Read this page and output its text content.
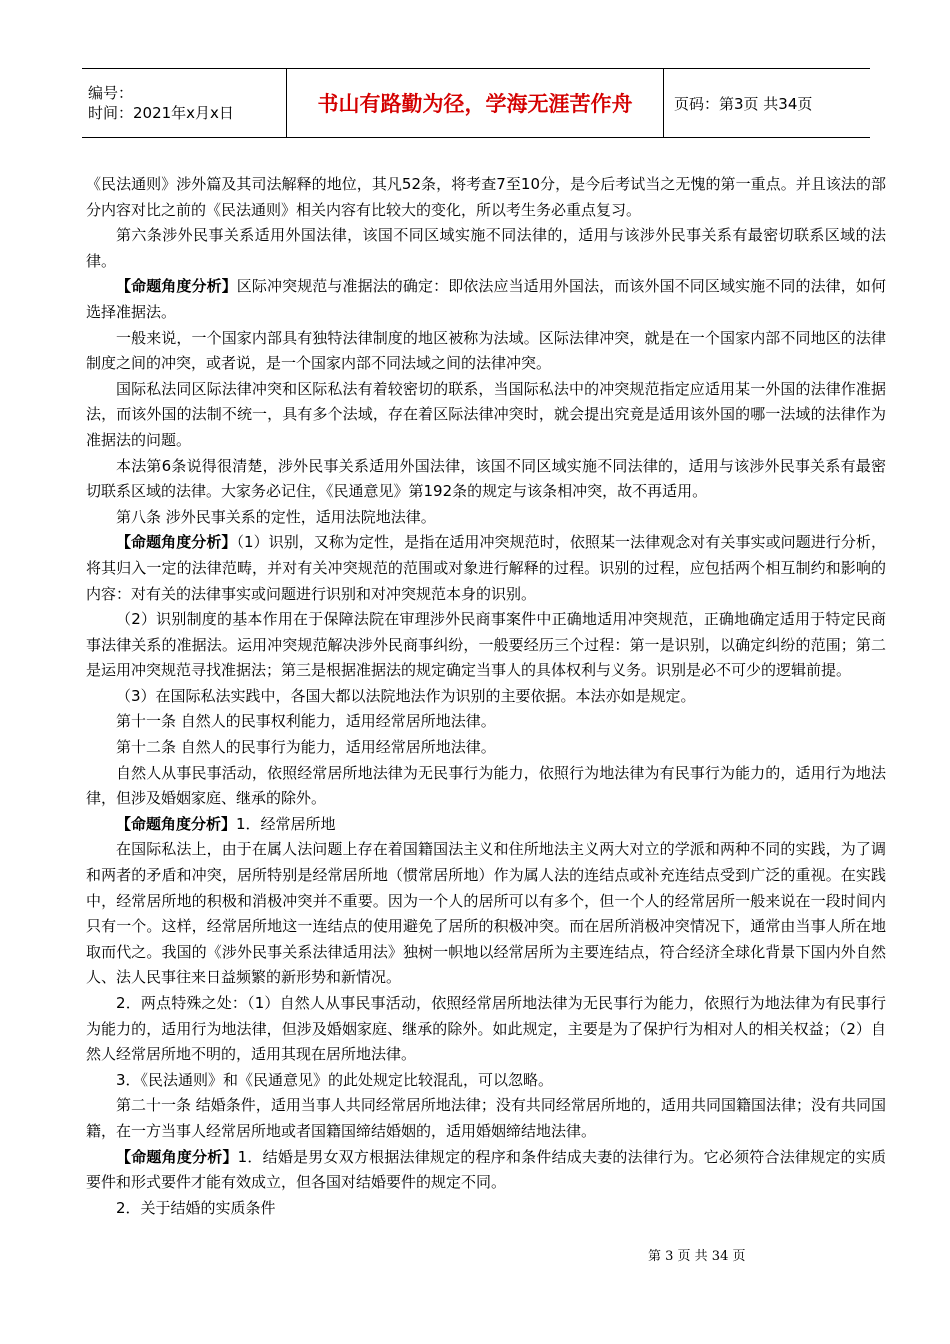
编号：
时间：2021年x月x日	书山有路勤为径，学海无涯苦作舟	页码：第3页 共34页

《民法通则》涉外篇及其司法解释的地位，其凡52条，将考查7至10分，是今后考试当之无愧的第一重点。并且该法的部分内容对比之前的《民法通则》相关内容有比较大的变化，所以考生务必重点复习。

第六条涉外民事关系适用外国法律，该国不同区域实施不同法律的，适用与该涉外民事关系有最密切联系区域的法律。

【命题角度分析】区际冲突规范与准据法的确定：即依法应当适用外国法，而该外国不同区域实施不同的法律，如何选择准据法。

一般来说，一个国家内部具有独特法律制度的地区被称为法域。区际法律冲突，就是在一个国家内部不同地区的法律制度之间的冲突，或者说，是一个国家内部不同法域之间的法律冲突。

国际私法同区际法律冲突和区际私法有着较密切的联系，当国际私法中的冲突规范指定应适用某一外国的法律作准据法，而该外国的法制不统一，具有多个法域，存在着区际法律冲突时，就会提出究竟是适用该外国的哪一法域的法律作为准据法的问题。

本法第6条说得很清楚，涉外民事关系适用外国法律，该国不同区域实施不同法律的，适用与该涉外民事关系有最密切联系区域的法律。大家务必记住，《民通意见》第192条的规定与该条相冲突，故不再适用。

第八条 涉外民事关系的定性，适用法院地法律。

【命题角度分析】（1）识别，又称为定性，是指在适用冲突规范时，依照某一法律观念对有关事实或问题进行分析，将其归入一定的法律范畴，并对有关冲突规范的范围或对象进行解释的过程。识别的过程，应包括两个相互制约和影响的内容：对有关的法律事实或问题进行识别和对冲突规范本身的识别。

（2）识别制度的基本作用在于保障法院在审理涉外民商事案件中正确地适用冲突规范，正确地确定适用于特定民商事法律关系的准据法。运用冲突规范解决涉外民商事纠纷，一般要经历三个过程：第一是识别，以确定纠纷的范围；第二是运用冲突规范寻找准据法；第三是根据准据法的规定确定当事人的具体权利与义务。识别是必不可少的逻辑前提。

（3）在国际私法实践中，各国大都以法院地法作为识别的主要依据。本法亦如是规定。

第十一条 自然人的民事权利能力，适用经常居所地法律。

第十二条 自然人的民事行为能力，适用经常居所地法律。

自然人从事民事活动，依照经常居所地法律为无民事行为能力，依照行为地法律为有民事行为能力的，适用行为地法律，但涉及婚姻家庭、继承的除外。

【命题角度分析】1．经常居所地

在国际私法上，由于在属人法问题上存在着国籍国法主义和住所地法主义两大对立的学派和两种不同的实践，为了调和两者的矛盾和冲突，居所特别是经常居所地（惯常居所地）作为属人法的连结点或补充连结点受到广泛的重视。在实践中，经常居所地的积极和消极冲突并不重要。因为一个人的居所可以有多个，但一个人的经常居所一般来说在一段时间内只有一个。这样，经常居所地这一连结点的使用避免了居所的积极冲突。而在居所消极冲突情况下，通常由当事人所在地取而代之。我国的《涉外民事关系法律适用法》独树一帜地以经常居所为主要连结点，符合经济全球化背景下国内外自然人、法人民事往来日益频繁的新形势和新情况。

2．两点特殊之处：（1）自然人从事民事活动，依照经常居所地法律为无民事行为能力，依照行为地法律为有民事行为能力的，适用行为地法律，但涉及婚姻家庭、继承的除外。如此规定，主要是为了保护行为相对人的相关权益；（2）自然人经常居所地不明的，适用其现在居所地法律。

3．《民法通则》和《民通意见》的此处规定比较混乱，可以忽略。

第二十一条 结婚条件，适用当事人共同经常居所地法律；没有共同经常居所地的，适用共同国籍国法律；没有共同国籍，在一方当事人经常居所地或者国籍国缔结婚姻的，适用婚姻缔结地法律。

【命题角度分析】1．结婚是男女双方根据法律规定的程序和条件结成夫妻的法律行为。它必须符合法律规定的实质要件和形式要件才能有效成立，但各国对结婚要件的规定不同。

2．关于结婚的实质条件

第 3 页 共 34 页
